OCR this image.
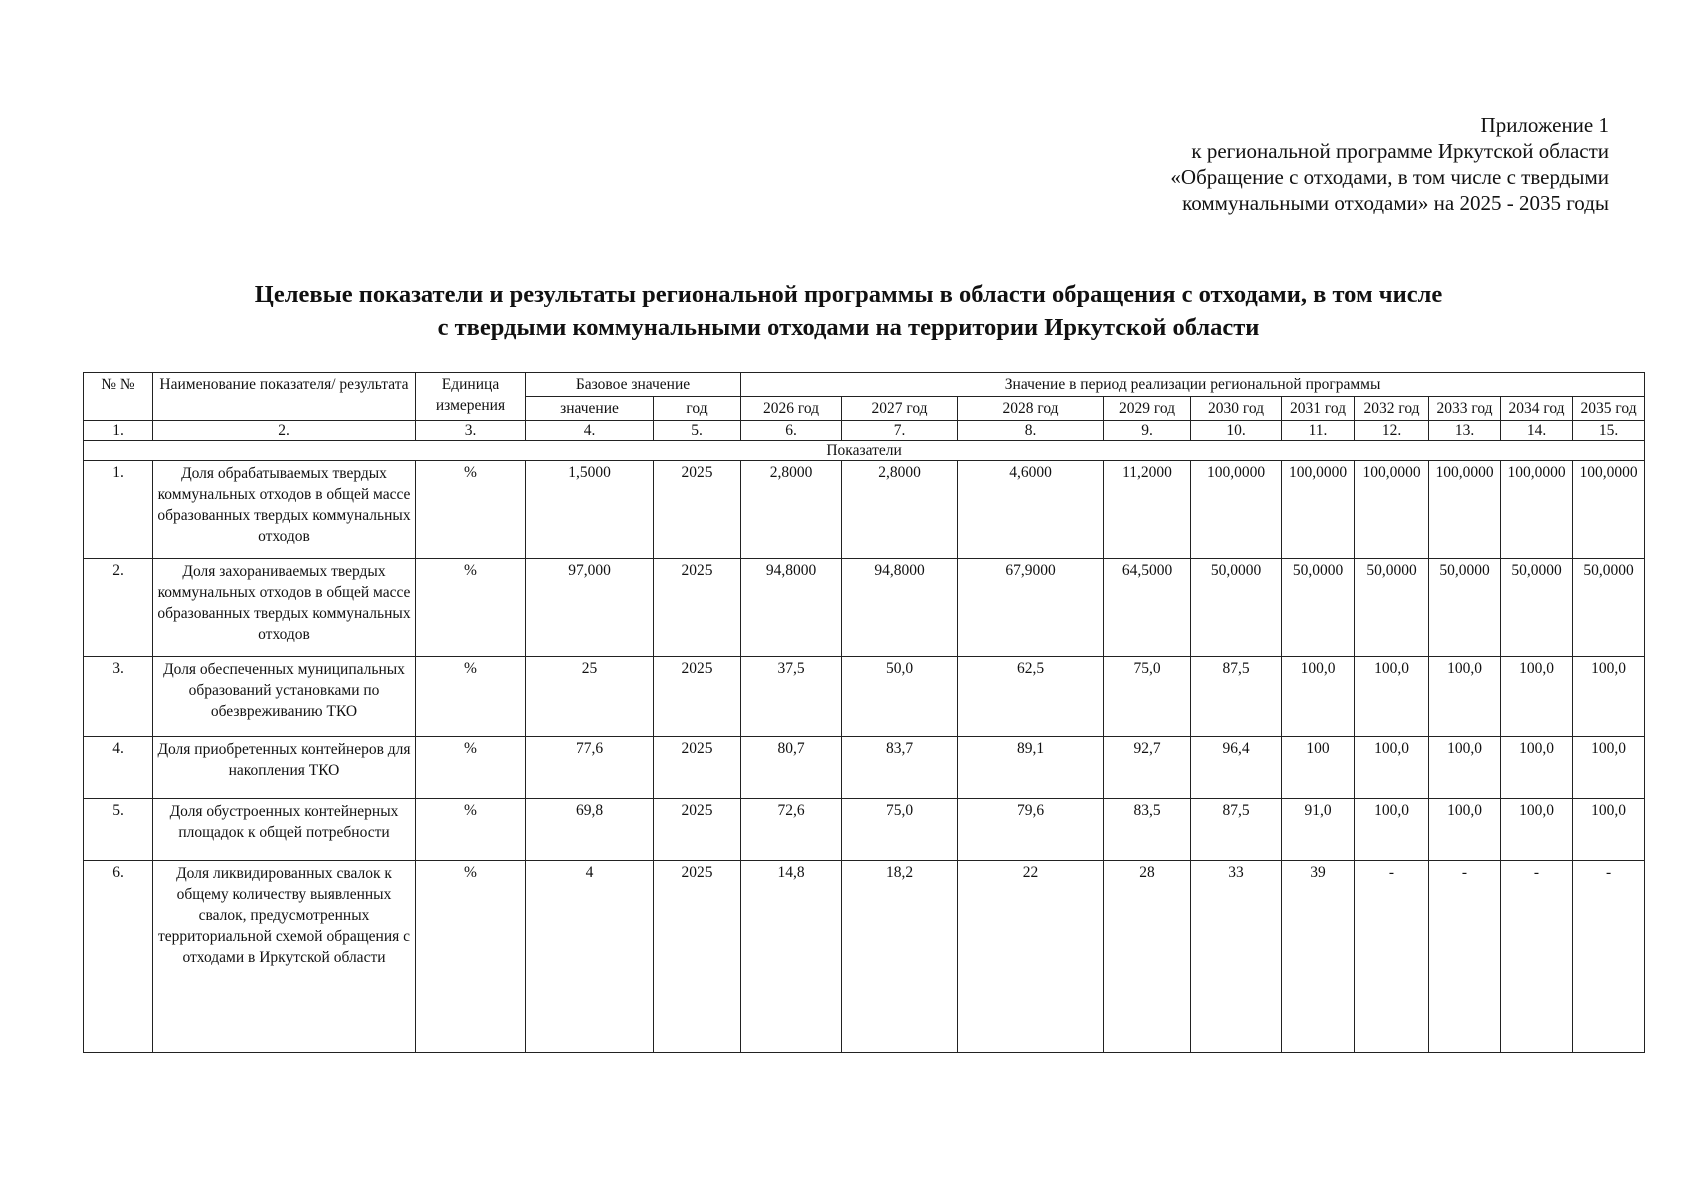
Приложение 1
к региональной программе Иркутской области
«Обращение с отходами, в том числе с твердыми
коммунальными отходами» на 2025 - 2035 годы
Целевые показатели и результаты региональной программы в области обращения с отходами, в том числе
с твердыми коммунальными отходами на территории Иркутской области
№ №	Наименование показателя/ результата	Единица измерения	Базовое значение		Значение в период реализации региональной программы									
			значение	год	2026 год	2027 год	2028 год	2029 год	2030 год	2031 год	2032 год	2033 год	2034 год	2035 год
1.	2.	3.	4.	5.	6.	7.	8.	9.	10.	11.	12.	13.	14.	15.
Показатели														
1.	Доля обрабатываемых твердых коммунальных отходов в общей массе образованных твердых коммунальных отходов	%	1,5000	2025	2,8000	2,8000	4,6000	11,2000	100,0000	100,0000	100,0000	100,0000	100,0000	100,0000
2.	Доля захораниваемых твердых коммунальных отходов в общей массе образованных твердых коммунальных отходов	%	97,000	2025	94,8000	94,8000	67,9000	64,5000	50,0000	50,0000	50,0000	50,0000	50,0000	50,0000
3.	Доля обеспеченных муниципальных образований установками по обезвреживанию ТКО	%	25	2025	37,5	50,0	62,5	75,0	87,5	100,0	100,0	100,0	100,0	100,0
4.	Доля приобретенных контейнеров для накопления ТКО	%	77,6	2025	80,7	83,7	89,1	92,7	96,4	100	100,0	100,0	100,0	100,0
5.	Доля обустроенных контейнерных площадок к общей потребности	%	69,8	2025	72,6	75,0	79,6	83,5	87,5	91,0	100,0	100,0	100,0	100,0
6.	Доля ликвидированных свалок к общему количеству выявленных свалок, предусмотренных территориальной схемой обращения с отходами в Иркутской области	%	4	2025	14,8	18,2	22	28	33	39	-	-	-	-
